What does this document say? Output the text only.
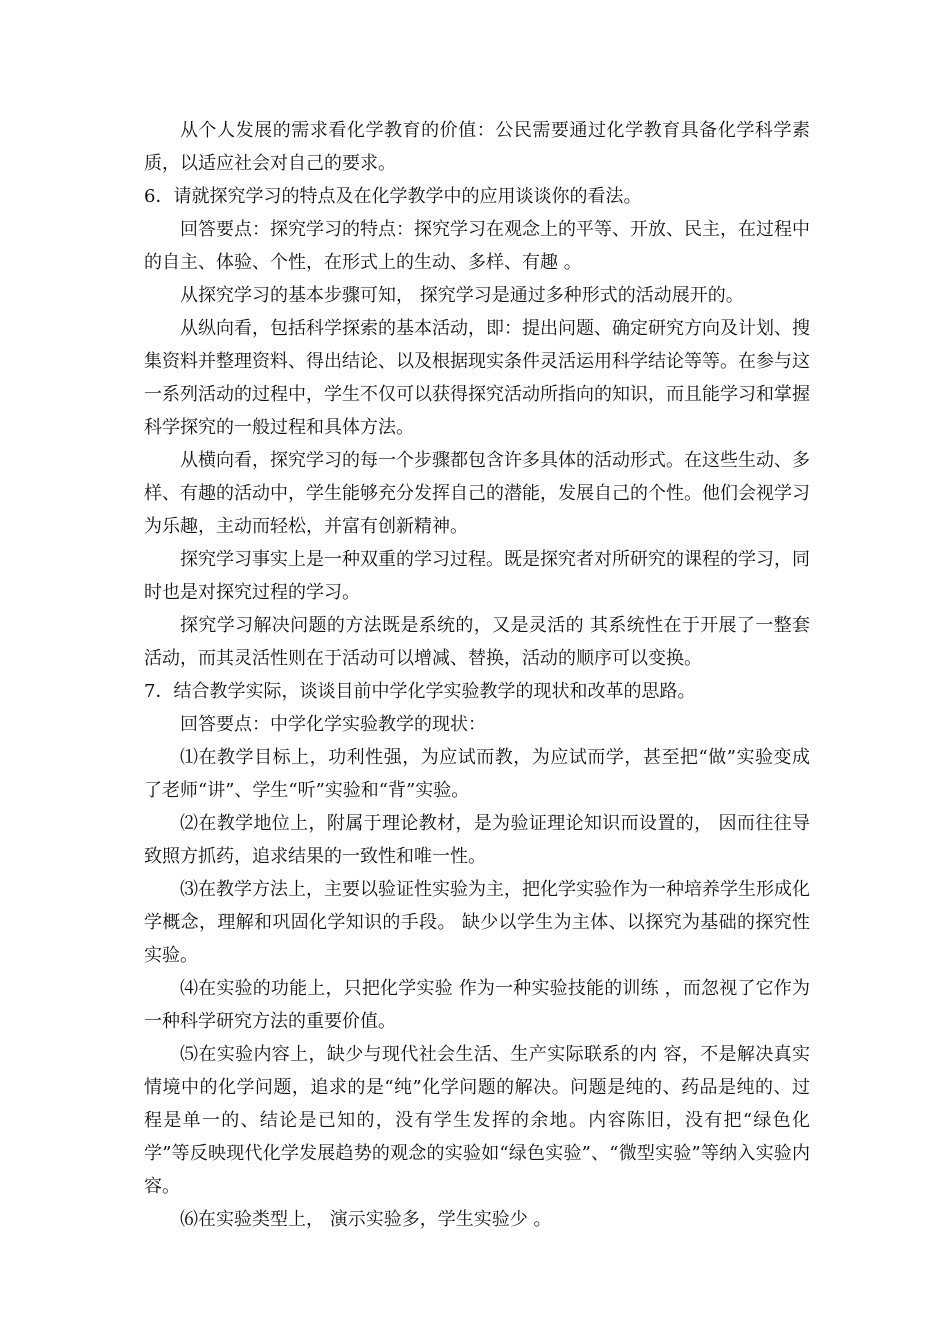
从个人发展的需求看化学教育的价值：公民需要通过化学教育具备化学科学素质，以适应社会对自己的要求。

6．请就探究学习的特点及在化学教学中的应用谈谈你的看法。

回答要点：探究学习的特点：探究学习在观念上的平等、开放、民主，在过程中的自主、体验、个性，在形式上的生动、多样、有趣 。

从探究学习的基本步骤可知， 探究学习是通过多种形式的活动展开的。

从纵向看，包括科学探索的基本活动，即：提出问题、确定研究方向及计划、搜集资料并整理资料、得出结论、以及根据现实条件灵活运用科学结论等等。在参与这一系列活动的过程中，学生不仅可以获得探究活动所指向的知识，而且能学习和掌握科学探究的一般过程和具体方法。

从横向看，探究学习的每一个步骤都包含许多具体的活动形式。在这些生动、多样、有趣的活动中，学生能够充分发挥自己的潜能，发展自己的个性。他们会视学习为乐趣，主动而轻松，并富有创新精神。

探究学习事实上是一种双重的学习过程。既是探究者对所研究的课程的学习，同时也是对探究过程的学习。

探究学习解决问题的方法既是系统的，又是灵活的 其系统性在于开展了一整套活动，而其灵活性则在于活动可以增减、替换，活动的顺序可以变换。

7．结合教学实际，谈谈目前中学化学实验教学的现状和改革的思路。

回答要点：中学化学实验教学的现状：

⑴在教学目标上，功利性强，为应试而教，为应试而学，甚至把“做”实验变成了老师“讲”、学生“听”实验和“背”实验。

⑵在教学地位上，附属于理论教材，是为验证理论知识而设置的， 因而往往导致照方抓药，追求结果的一致性和唯一性。

⑶在教学方法上，主要以验证性实验为主，把化学实验作为一种培养学生形成化学概念，理解和巩固化学知识的手段。 缺少以学生为主体、以探究为基础的探究性实验。

⑷在实验的功能上，只把化学实验 作为一种实验技能的训练 ，而忽视了它作为一种科学研究方法的重要价值。

⑸在实验内容上，缺少与现代社会生活、生产实际联系的内 容，不是解决真实情境中的化学问题，追求的是“纯”化学问题的解决。问题是纯的、药品是纯的、过程是单一的、结论是已知的，没有学生发挥的余地。内容陈旧，没有把“绿色化学”等反映现代化学发展趋势的观念的实验如“绿色实验”、“微型实验”等纳入实验内容。

⑹在实验类型上， 演示实验多，学生实验少 。
